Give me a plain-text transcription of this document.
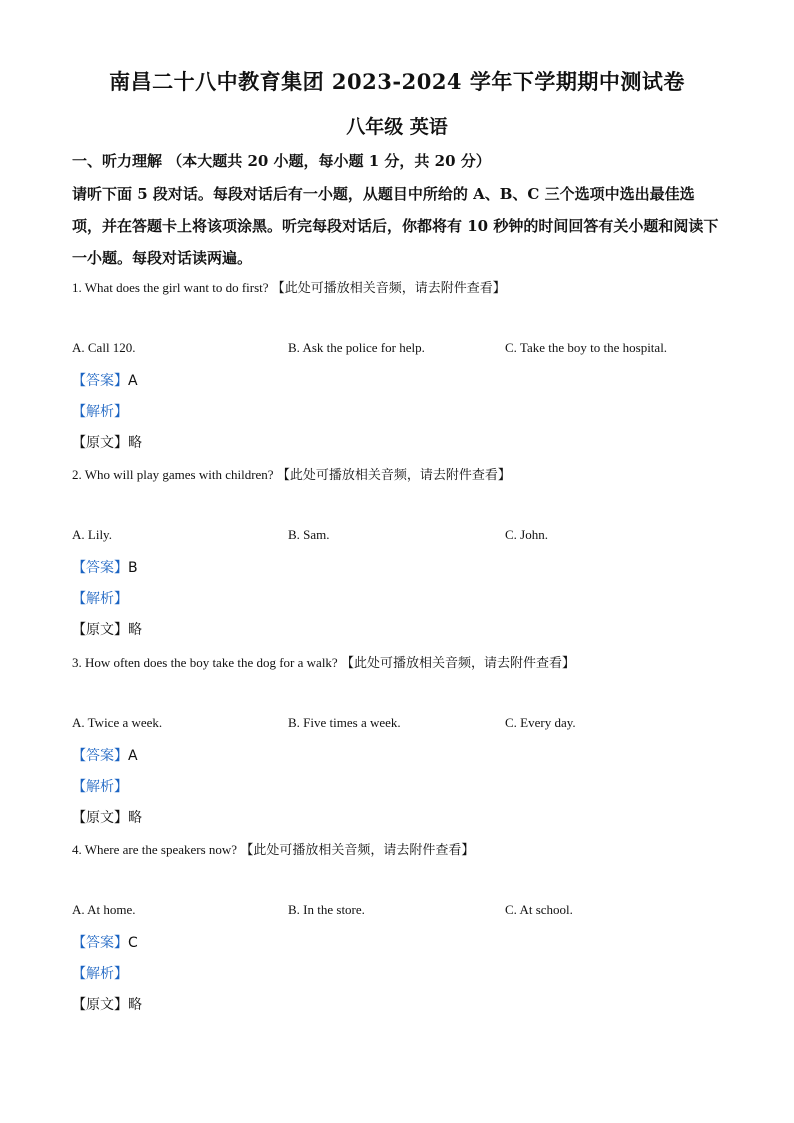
南昌二十八中教育集团 2023-2024 学年下学期期中测试卷
八年级 英语
一、听力理解 （本大题共 20 小题，每小题 1 分，共 20 分）
请听下面 5 段对话。每段对话后有一小题，从题目中所给的 A、B、C 三个选项中选出最佳选项，并在答题卡上将该项涂黑。听完每段对话后，你都将有 10 秒钟的时间回答有关小题和阅读下一小题。每段对话读两遍。
1. What does the girl want to do first? 【此处可播放相关音频，请去附件查看】
A. Call 120.	B. Ask the police for help.	C. Take the boy to the hospital.
【答案】A
【解析】
【原文】略
2. Who will play games with children? 【此处可播放相关音频，请去附件查看】
A. Lily.	B. Sam.	C. John.
【答案】B
【解析】
【原文】略
3. How often does the boy take the dog for a walk? 【此处可播放相关音频，请去附件查看】
A. Twice a week.	B. Five times a week.	C. Every day.
【答案】A
【解析】
【原文】略
4. Where are the speakers now? 【此处可播放相关音频，请去附件查看】
A. At home.	B. In the store.	C. At school.
【答案】C
【解析】
【原文】略
